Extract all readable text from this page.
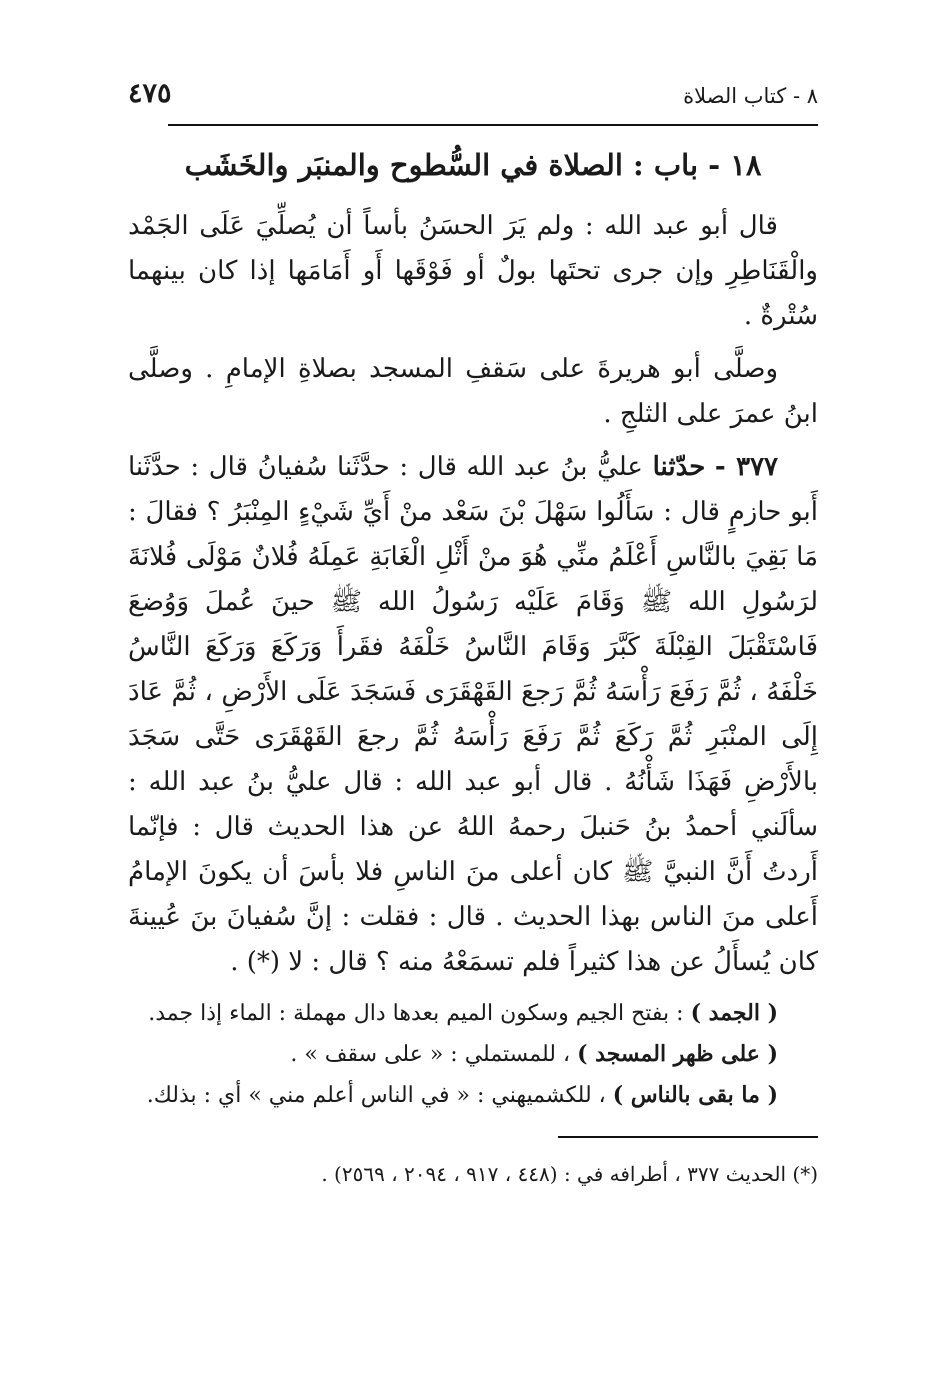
٨ - كتاب الصلاة
٤٧٥
١٨ - باب : الصلاة في السُّطوح والمنبَر والخَشَب

قال أبو عبد الله : ولم يَرَ الحسَنُ بأساً أن يُصلِّيَ عَلَى الجَمْد والْقَنَاطِرِ وإن جرى تحتَها بولٌ أو فَوْقَها أَو أَمَامَها إذا كان بينهما سُتْرةٌ .

وصلَّى أبو هريرةَ على سَقفِ المسجد بصلاةِ الإمامِ . وصلَّى ابنُ عمرَ على الثلجِ .

٣٧٧ - حدّثنا عليُّ بنُ عبد الله قال : حدَّثَنا سُفيانُ قال : حدَّثَنا أَبو حازمٍ قال : سَأَلُوا سَهْلَ بْنَ سَعْد منْ أَيِّ شَيْءٍ المِنْبَرُ ؟ فقالَ : مَا بَقِيَ بالنَّاسِ أَعْلَمُ منِّي هُوَ منْ أَثْلِ الْغَابَةِ عَمِلَهُ فُلانٌ مَوْلَى فُلانَةَ لرَسُولِ الله ﷺ وَقَامَ عَلَيْه رَسُولُ الله ﷺ حينَ عُملَ وَوُضعَ فَاسْتَقْبَلَ القِبْلَةَ كَبَّرَ وَقَامَ النَّاسُ خَلْفَهُ فقَرأَ وَرَكَعَ وَرَكَعَ النَّاسُ خَلْفَهُ ، ثُمَّ رَفَعَ رَأْسَهُ ثُمَّ رَجعَ القَهْقَرَى فَسَجَدَ عَلَى الأَرْضِ ، ثُمَّ عَادَ إِلَى المنْبَرِ ثُمَّ رَكَعَ ثُمَّ رَفَعَ رَأْسَهُ ثُمَّ رجعَ القَهْقَرَى حَتَّى سَجَدَ بالأَرْضِ فَهَذَا شَأْنُهُ . قال أبو عبد الله : قال عليُّ بنُ عبد الله : سألَني أحمدُ بنُ حَنبلَ رحمهُ اللهُ عن هذا الحديث قال : فإنّما أَردتُ أَنَّ النبيَّ ﷺ كان أعلى منَ الناسِ فلا بأسَ أن يكونَ الإمامُ أَعلى منَ الناس بهذا الحديث . قال : فقلت : إنَّ سُفيانَ بنَ عُيينةَ كان يُسأَلُ عن هذا كثيراً فلم تسمَعْهُ منه ؟ قال : لا (*) .

( الجمد ) : بفتح الجيم وسكون الميم بعدها دال مهملة : الماء إذا جمد.

( على ظهر المسجد ) ، للمستملي : « على سقف » .

( ما بقى بالناس ) ، للكشميهني : « في الناس أعلم مني » أي : بذلك.

(*) الحديث ٣٧٧ ، أطرافه في : (٤٤٨ ، ٩١٧ ، ٢٠٩٤ ، ٢٥٦٩) .
